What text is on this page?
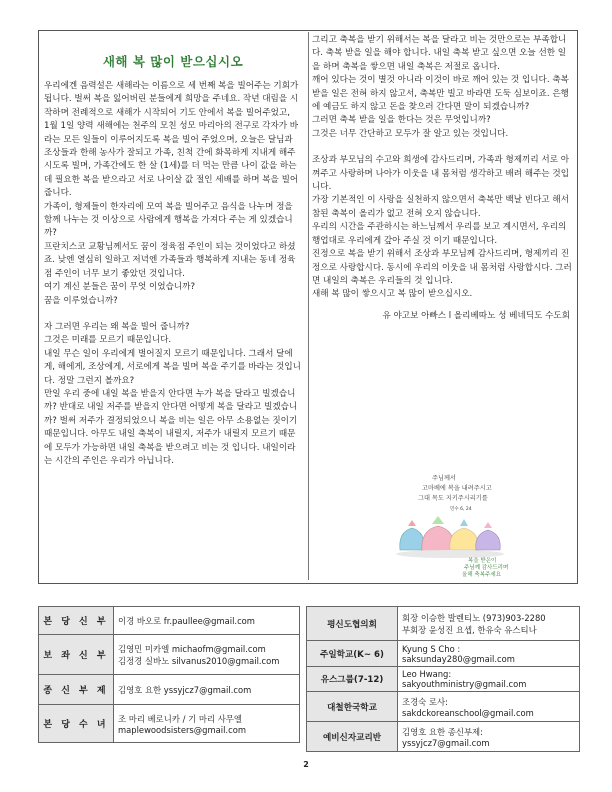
새해 복 많이 받으십시오

우리에겐 음력설은 새해라는 이름으로 세 번째 복을 빌어주는 기회가 됩니다. 벌써 복을 잃어버린 분들에게 희망을 주네요. 작년 대림을 시작하며 전례적으로 새해가 시작되어 기도 안에서 복을 빌어주었고,

1월 1일 양력 새해에는 천주의 모친 성모 마리아의 전구로 각자가 바라는 모든 일들이 이루어지도록 복을 빌어 주었으며, 오늘은 달님과 조상들과 한해 농사가 잘되고 가족, 친척 간에 화목하게 지내게 해주시도록 빌며, 가족간에도 한 살 (1세)를 더 먹는 만큼 나이 값을 하는데 필요한 복을 받으라고 서로 나이살 값 절인 세배를 하며 복을 빌어 줍니다.

가족이, 형제들이 한자리에 모여 복을 빌어주고 음식을 나누며 정을 함께 나누는 것 이상으로 사람에게 행복을 가져다 주는 게 있겠습니까?

프란치스코 교황님께서도 꿈이 정육점 주인이 되는 것이었다고 하셨죠. 낮엔 열심히 일하고 저녁엔 가족들과 행복하게 지내는 동네 정육점 주인이 너무 보기 좋았던 것입니다.

여기 계신 분들은 꿈이 무엇 이었습니까?

꿈을 이루었습니까?

자 그러면 우리는 왜 복을 빌어 줍니까?

그것은 미래를 모르기 때문입니다.

내일 무슨 일이 우리에게 벌어질지 모르기 때문입니다. 그래서 달에게, 해에게, 조상에게, 서로에게 복을 빌며 복을 주기를 바라는 것입니다. 정말 그런지 볼까요?

만일 우리 중에 내일 복을 받을지 안다면 누가 복을 달라고 빌겠습니까? 반대로 내일 저주를 받을지 안다면 어떻게 복을 달라고 빌겠습니까? 벌써 저주가 결정되었으니 복을 비는 일은 아무 소용없는 짓이기 때문입니다. 아무도 내일 축복이 내릴지, 저주가 내릴지 모르기 때문에 모두가 가능하면 내일 축복을 받으려고 비는 것 입니다. 내일이라는 시간의 주인은 우리가 아닙니다.

그리고 축복을 받기 위해서는 복을 달라고 비는 것만으로는 부족합니다. 축복 받을 일을 해야 합니다. 내일 축복 받고 싶으면 오늘 선한 일을 하며 축복을 쌓으면 내일 축복은 저절로 옵니다.

깨어 있다는 것이 별것 아니라 이것이 바로 깨어 있는 것 입니다. 축복 받을 일은 전혀 하지 않고서, 축복만 빌고 바라면 도둑 심보이죠. 은행에 예금도 하지 않고 돈을 찾으러 간다면 말이 되겠습니까?

그러면 축복 받을 일을 한다는 것은 무엇입니까?

그것은 너무 간단하고 모두가 잘 알고 있는 것입니다.

조상과 부모님의 수고와 희생에 감사드리며, 가족과 형제끼리 서로 아껴주고 사랑하며 나아가 이웃을 내 몸처럼 생각하고 배려 해주는 것입니다.

가장 기본적인 이 사랑을 실천하지 않으면서 축복만 백날 빈다고 해서 참된 축복이 올리가 없고 전혀 오지 않습니다.

우리의 시간을 주관하시는 하느님께서 우리를 보고 계시면서, 우리의 행업대로 우리에게 갚아 주실 것 이기 때문입니다.

진정으로 복을 받기 위해서 조상과 부모님께 감사드리며, 형제끼리 진정으로 사랑합시다. 동시에 우리의 이웃을 내 몸처럼 사랑합시다. 그러면 내일의 축복은 우리들의 것 입니다.

새해 복 많이 쌓으시고 복 많이 받으십시오.

유 야고보 아빠스 l 올리베따노 성 베네딕도 수도회

주님께서
고마베에 복을 내려주시고
그대 목도 지키주시리기를
민수 6, 24
복을 받은이
주님께 감사드리며
올해 축복주세요
본 당 신 부	이경 바오로 fr.paullee@gmail.com

보 좌 신 부	김영민 미카엘 michaofm@gmail.com
김정경 실바노 silvanus2010@gmail.com

종 신 부 제	김영호 요한 yssyjcz7@gmail.com

본 당 수 녀	조 마리 베로니카 / 기 마리 사무엘
maplewoodsisters@gmail.com
평신도협의회	회장 이승한 발렌티노 (973)903-2280
부회장 윤성진 요셉, 한유숙 유스티나

주일학교(K~ 6)	Kyung S Cho : saksunday280@gmail.com

유스그룹(7-12)	Leo Hwang: sakyouthministry@gmail.com

대철한국학교	조경숙 로사:
sakdckoreanschool@gmail.com

예비신자교리반	김영호 요한 종신부제:
yssyjcz7@gmail.com
2
